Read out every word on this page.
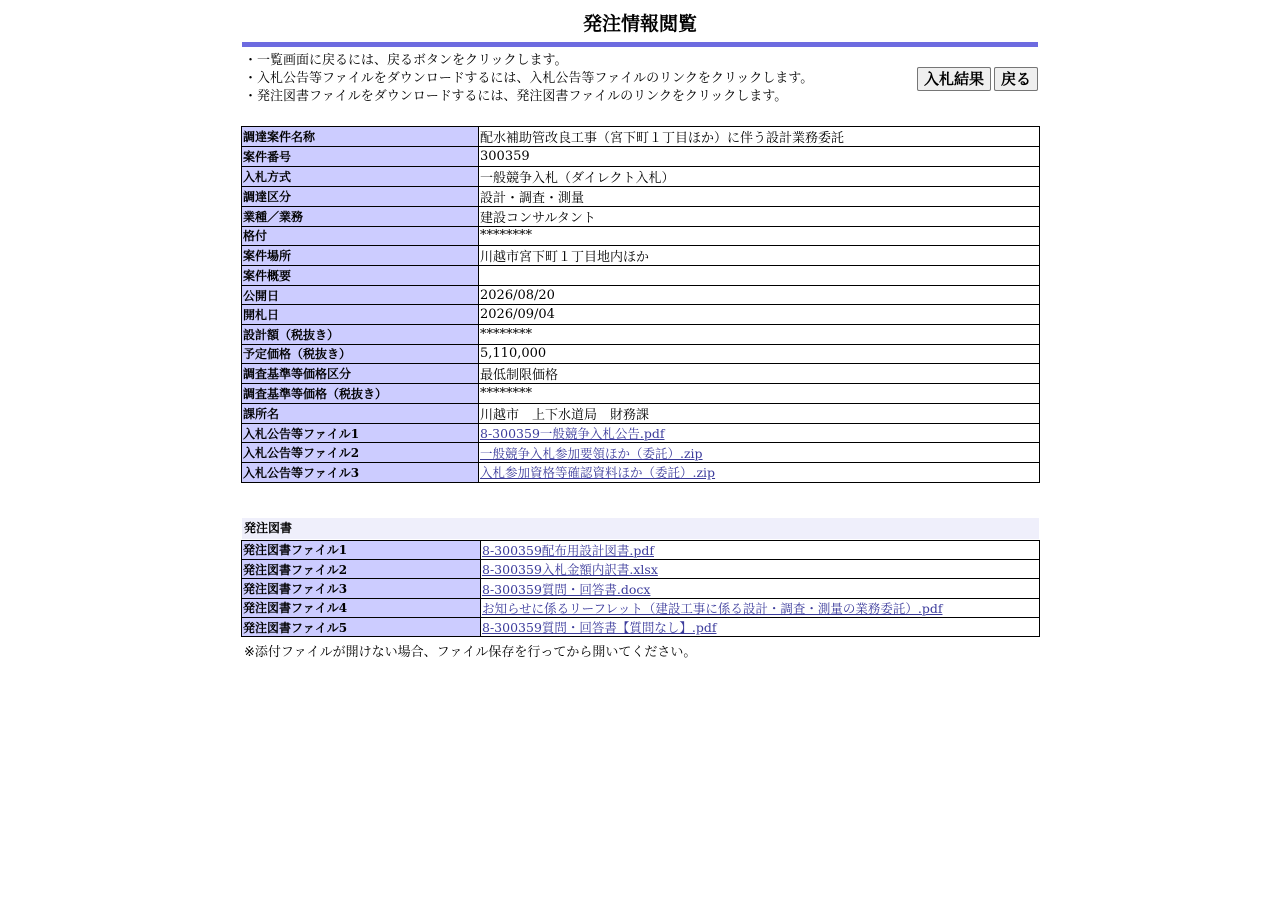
発注情報閲覧
・一覧画面に戻るには、戻るボタンをクリックします。
・入札公告等ファイルをダウンロードするには、入札公告等ファイルのリンクをクリックします。
・発注図書ファイルをダウンロードするには、発注図書ファイルのリンクをクリックします。
入札結果	戻る
調達案件名称	配水補助管改良工事（宮下町１丁目ほか）に伴う設計業務委託
案件番号	300359
入札方式	一般競争入札（ダイレクト入札）
調達区分	設計・調査・測量
業種／業務	建設コンサルタント
格付	********
案件場所	川越市宮下町１丁目地内ほか
案件概要	
公開日	2026/08/20
開札日	2026/09/04
設計額（税抜き）	********
予定価格（税抜き）	5,110,000
調査基準等価格区分	最低制限価格
調査基準等価格（税抜き）	********
課所名	川越市　上下水道局　財務課
入札公告等ファイル1	8-300359一般競争入札公告.pdf
入札公告等ファイル2	一般競争入札参加要領ほか（委託）.zip
入札公告等ファイル3	入札参加資格等確認資料ほか（委託）.zip
発注図書
発注図書ファイル1	8-300359配布用設計図書.pdf
発注図書ファイル2	8-300359入札金額内訳書.xlsx
発注図書ファイル3	8-300359質問・回答書.docx
発注図書ファイル4	お知らせに係るリーフレット（建設工事に係る設計・調査・測量の業務委託）.pdf
発注図書ファイル5	8-300359質問・回答書【質問なし】.pdf
※添付ファイルが開けない場合、ファイル保存を行ってから開いてください。
